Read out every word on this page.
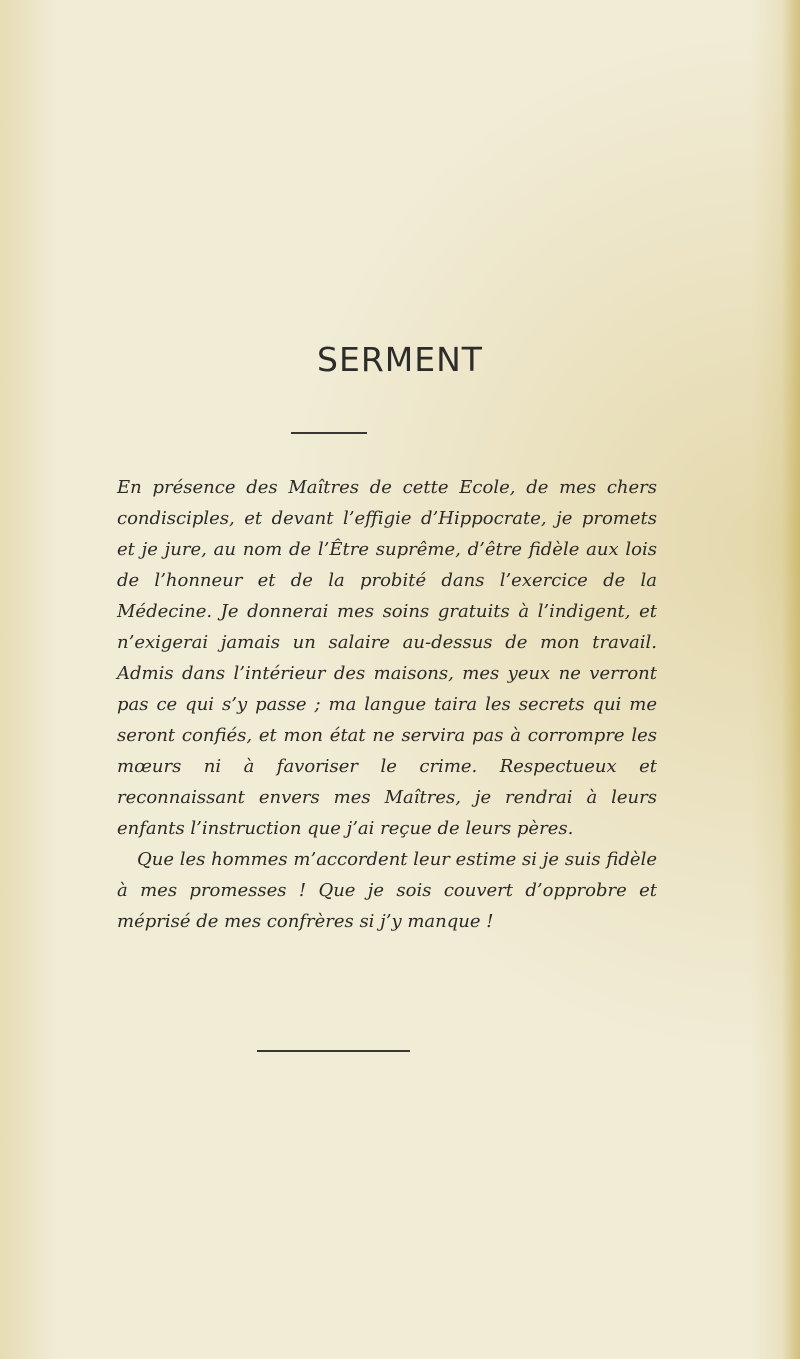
SERMENT

En présence des Maîtres de cette Ecole, de mes chers condisciples, et devant l’effigie d’Hippocrate, je promets et je jure, au nom de l’Être suprême, d’être fidèle aux lois de l’honneur et de la probité dans l’exercice de la Médecine. Je donnerai mes soins gratuits à l’indigent, et n’exigerai jamais un salaire au-dessus de mon travail. Admis dans l’intérieur des maisons, mes yeux ne verront pas ce qui s’y passe ; ma langue taira les secrets qui me seront confiés, et mon état ne servira pas à corrompre les mœurs ni à favoriser le crime. Respectueux et reconnaissant envers mes Maîtres, je rendrai à leurs enfants l’instruction que j’ai reçue de leurs pères.

Que les hommes m’accordent leur estime si je suis fidèle à mes promesses ! Que je sois couvert d’opprobre et méprisé de mes confrères si j’y manque !
